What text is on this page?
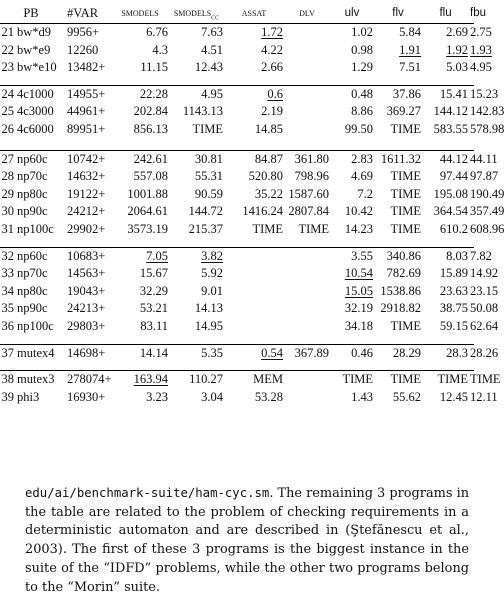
PB		#VAR	smodels	smodels$_{cc}$	assat	dlv	ulv	flv	flu	fbu	
21	bw*d9	9956+	6.76	7.63	1.72		1.02	5.84	2.69	2.75	
22	bw*e9	12260	4.3	4.51	4.22		0.98	1.91	1.92	1.93	
23	bw*e10	13482+	11.15	12.43	2.66		1.29	7.51	5.03	4.95	

24	4c1000	14955+	22.28	4.95	0.6		0.48	37.86	15.41	15.23	
25	4c3000	44961+	202.84	1143.13	2.19		8.86	369.27	144.12	142.83	
26	4c6000	89951+	856.13	TIME	14.85		99.50	TIME	583.55	578.98	

27	np60c	10742+	242.61	30.81	84.87	361.80	2.83	1611.32	44.12	44.11	
28	np70c	14632+	557.08	55.31	520.80	798.96	4.69	TIME	97.44	97.87	
29	np80c	19122+	1001.88	90.59	35.22	1587.60	7.2	TIME	195.08	190.49	
30	np90c	24212+	2064.61	144.72	1416.24	2807.84	10.42	TIME	364.54	357.49	
31	np100c	29902+	3573.19	215.37	TIME	TIME	14.23	TIME	610.2	608.96	

32	np60c	10683+	7.05	3.82			3.55	340.86	8.03	7.82	
33	np70c	14563+	15.67	5.92			10.54	782.69	15.89	14.92	
34	np80c	19043+	32.29	9.01			15.05	1538.86	23.63	23.15	
35	np90c	24213+	53.21	14.13			32.19	2918.82	38.75	50.08	
36	np100c	29803+	83.11	14.95			34.18	TIME	59.15	62.64	

37	mutex4	14698+	14.14	5.35	0.54	367.89	0.46	28.29	28.3	28.26	

38	mutex3	278074+	163.94	110.27	MEM		TIME	TIME	TIME	TIME	
39	phi3	16930+	3.23	3.04	53.28		1.43	55.62	12.45	12.11	

edu/ai/benchmark-suite/ham-cyc.sm. The remaining 3 programs in the table are related to the problem of checking requirements in a deterministic automaton and are described in (Ştefănescu et al., 2003). The first of these 3 programs is the biggest instance in the suite of the “IDFD” problems, while the other two programs belong to the “Morin” suite.
